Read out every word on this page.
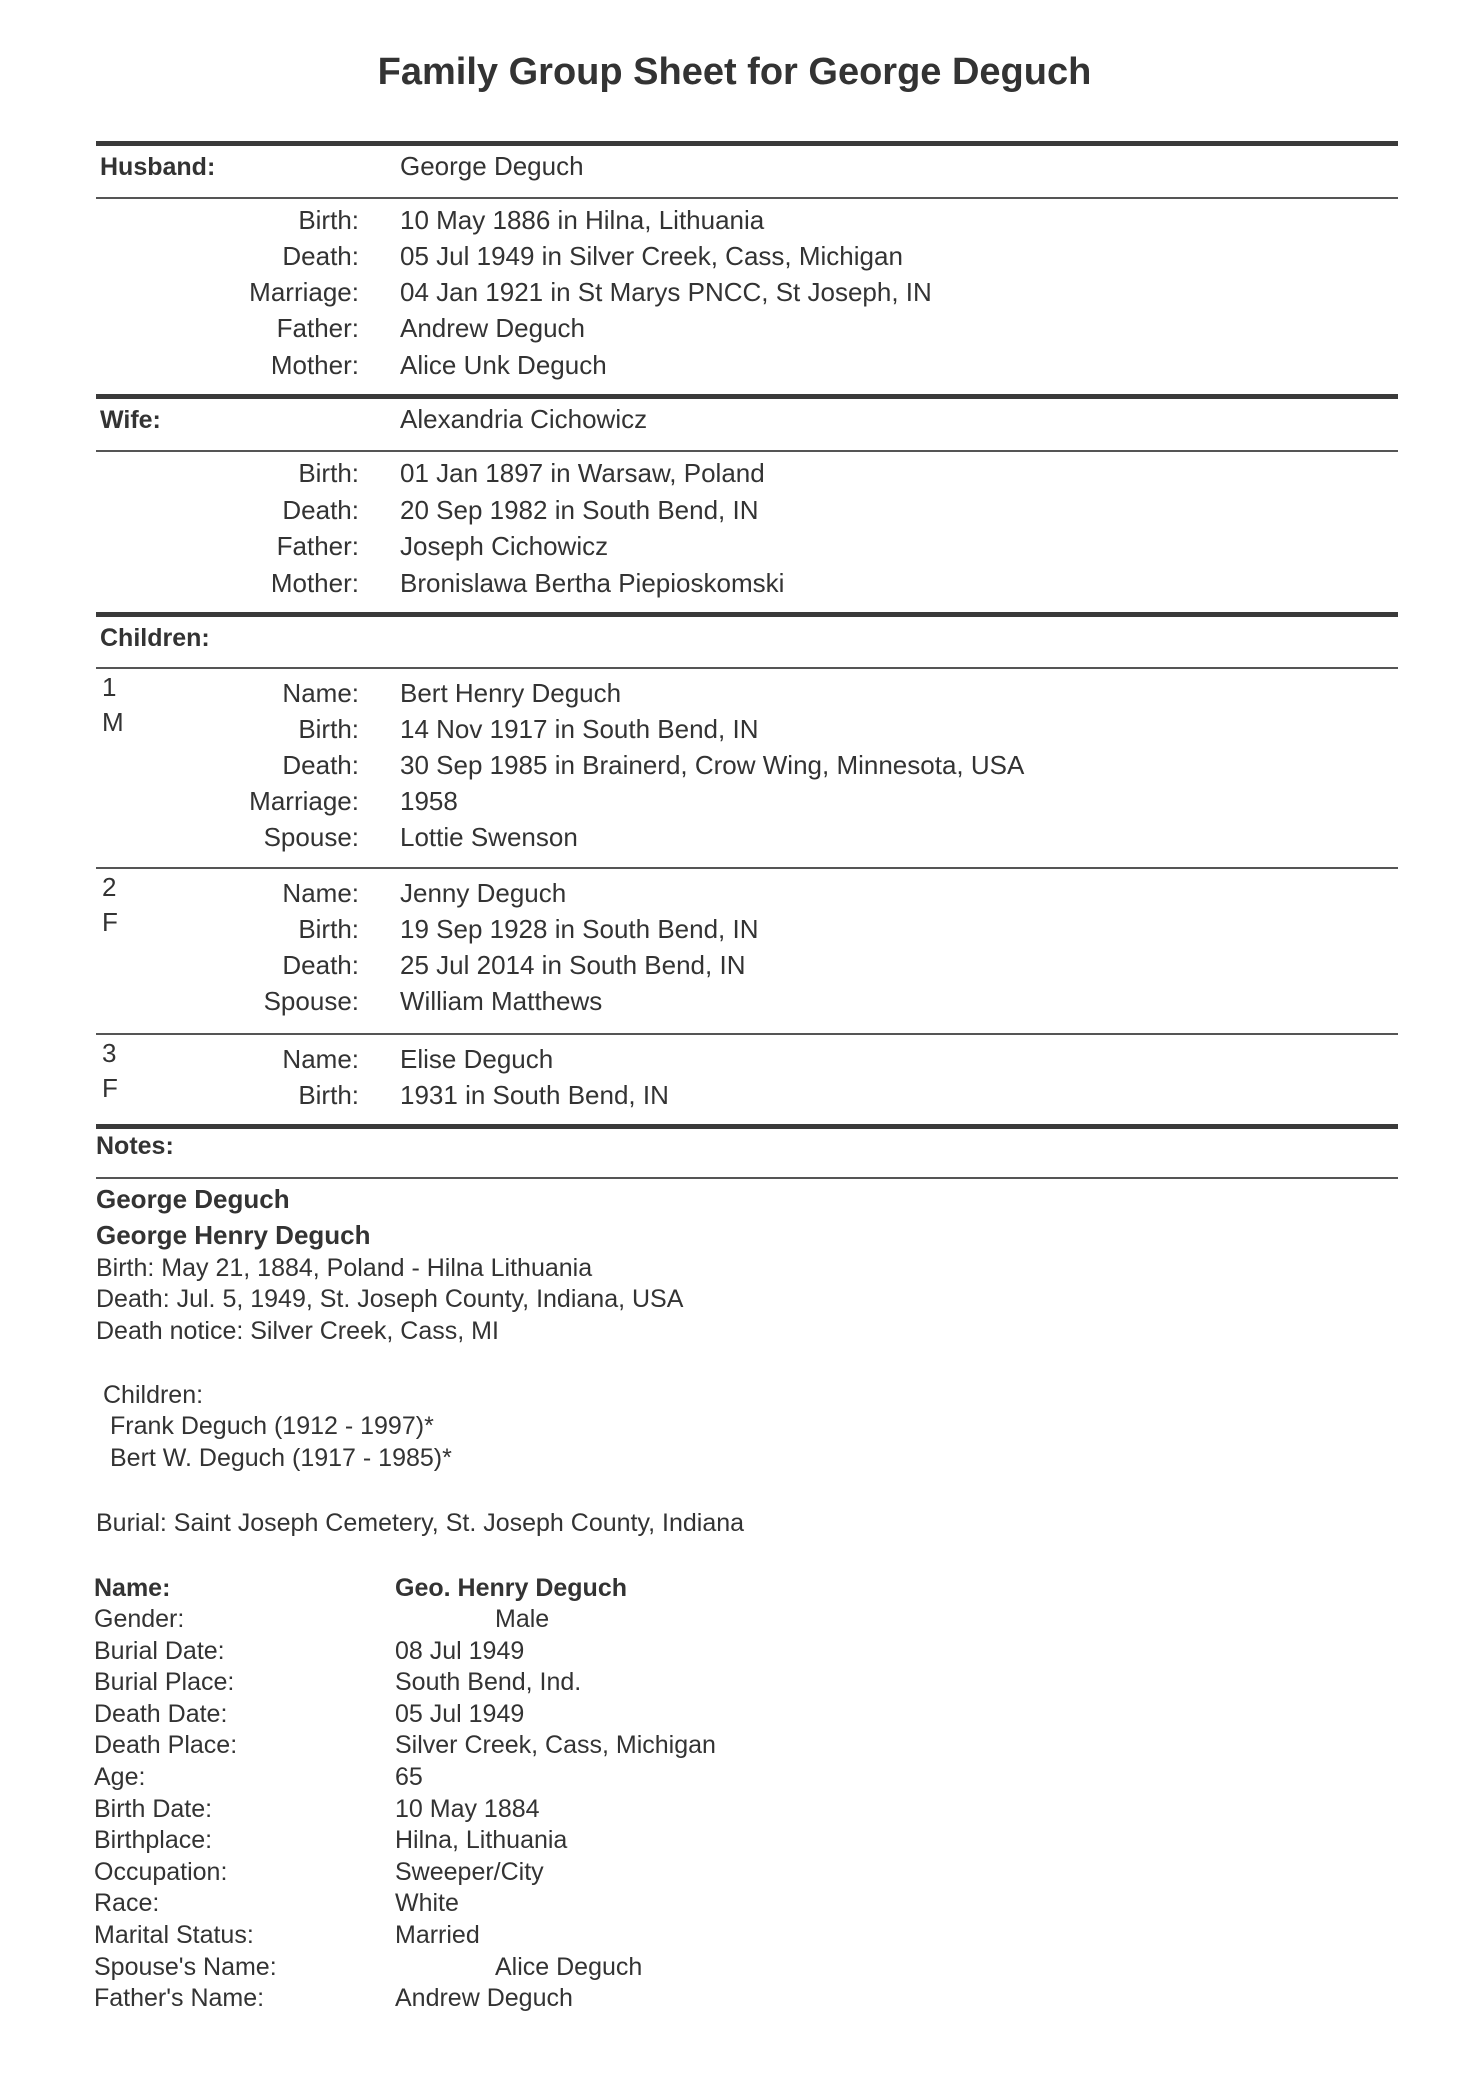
Family Group Sheet for George Deguch
Husband:	George Deguch
Birth: 10 May 1886 in Hilna, Lithuania
Death: 05 Jul 1949 in Silver Creek, Cass, Michigan
Marriage: 04 Jan 1921 in St Marys PNCC, St Joseph, IN
Father: Andrew Deguch
Mother: Alice Unk Deguch
Wife:	Alexandria Cichowicz
Birth: 01 Jan 1897 in Warsaw, Poland
Death: 20 Sep 1982 in South Bend, IN
Father: Joseph Cichowicz
Mother: Bronislawa Bertha Piepioskomski
Children:
1
M
Name: Bert Henry Deguch
Birth: 14 Nov 1917 in South Bend, IN
Death: 30 Sep 1985 in Brainerd, Crow Wing, Minnesota, USA
Marriage: 1958
Spouse: Lottie Swenson
2
F
Name: Jenny Deguch
Birth: 19 Sep 1928 in South Bend, IN
Death: 25 Jul 2014 in South Bend, IN
Spouse: William Matthews
3
F
Name: Elise Deguch
Birth: 1931 in South Bend, IN
Notes:
George Deguch
George Henry Deguch
Birth: May 21, 1884, Poland - Hilna Lithuania
Death: Jul. 5, 1949, St. Joseph County, Indiana, USA
Death notice: Silver Creek, Cass, MI
Children:
Frank Deguch (1912 - 1997)*
Bert W. Deguch (1917 - 1985)*
Burial: Saint Joseph Cemetery, St. Joseph County, Indiana
Name:	Geo. Henry Deguch
Gender:	Male
Burial Date:	08 Jul 1949
Burial Place:	South Bend, Ind.
Death Date:	05 Jul 1949
Death Place:	Silver Creek, Cass, Michigan
Age:	65
Birth Date:	10 May 1884
Birthplace:	Hilna, Lithuania
Occupation:	Sweeper/City
Race:	White
Marital Status:	Married
Spouse's Name:	Alice Deguch
Father's Name:	Andrew Deguch
